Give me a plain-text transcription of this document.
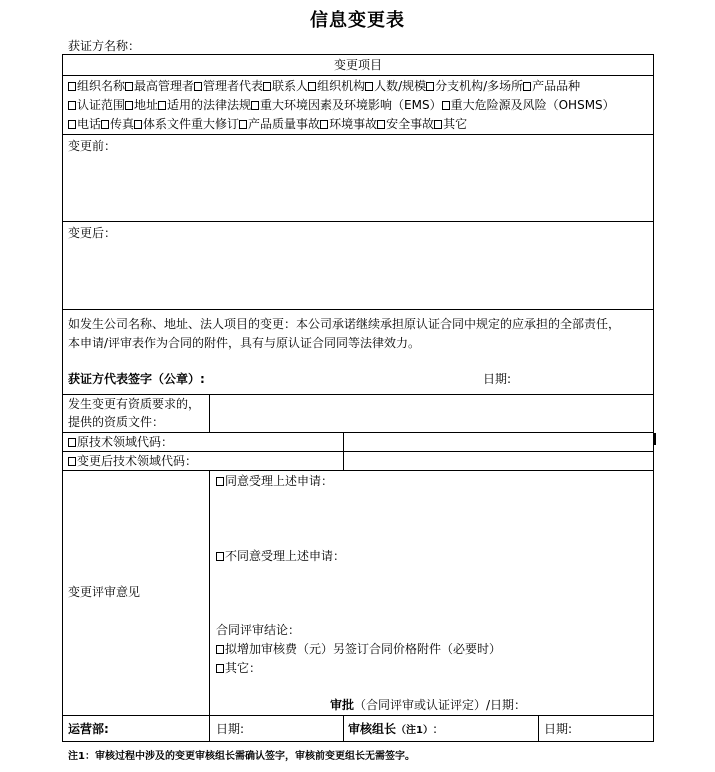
信息变更表
获证方名称：
变更项目
组织名称 最高管理者 管理者代表 联系人 组织机构 人数/规模 分支机构/多场所 产品品种
认证范围 地址 适用的法律法规 重大环境因素及环境影响（EMS） 重大危险源及风险（OHSMS）
电话 传真 体系文件重大修订 产品质量事故 环境事故 安全事故 其它
变更前：
变更后：
如发生公司名称、地址、法人项目的变更：本公司承诺继续承担原认证合同中规定的应承担的全部责任，
本申请/评审表作为合同的附件，具有与原认证合同同等法律效力。
获证方代表签字（公章）:	日期:
发生变更有资质要求的，
提供的资质文件：
原技术领域代码：
变更后技术领域代码：
变更评审意见
同意受理上述申请：
不同意受理上述申请：
合同评审结论：
拟增加审核费（元）另签订合同价格附件（必要时）
其它：
审批（合同评审或认证评定）/日期：
运营部:	日期:	审核组长（注1）:	日期:
注1：审核过程中涉及的变更审核组长需确认签字，审核前变更组长无需签字。
